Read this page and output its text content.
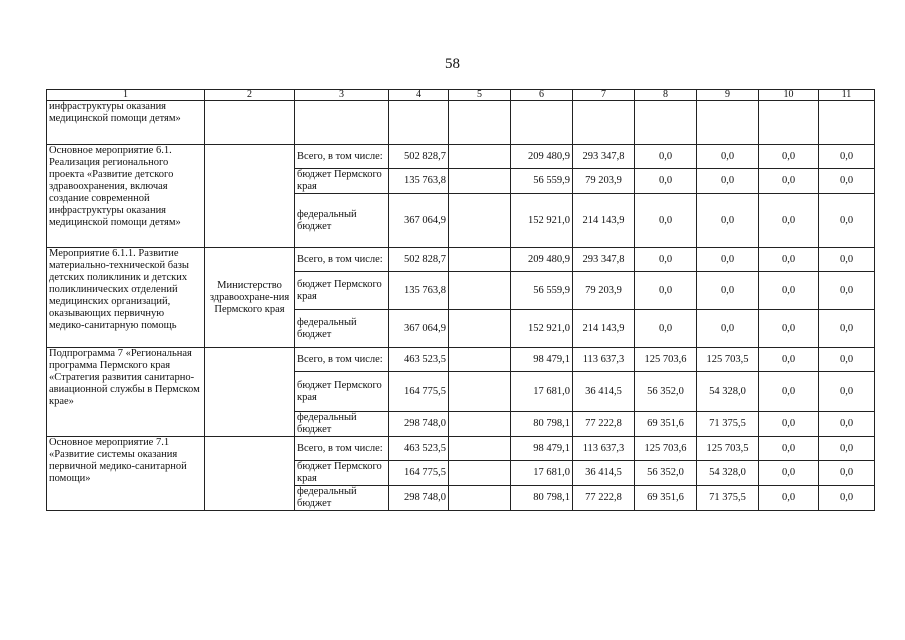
58
1	2	3	4	5	6	7	8	9	10	11
инфраструктуры оказания медицинской помощи детям»										
Основное мероприятие 6.1. Реализация регионального проекта «Развитие детского здравоохранения, включая создание современной инфраструктуры оказания медицинской помощи детям»		Всего, в том числе:	502 828,7		209 480,9	293 347,8	0,0	0,0	0,0	0,0
		бюджет Пермского края	135 763,8		56 559,9	79 203,9	0,0	0,0	0,0	0,0
		федеральный бюджет	367 064,9		152 921,0	214 143,9	0,0	0,0	0,0	0,0
Мероприятие 6.1.1. Развитие материально-технической базы детских поликлиник и детских поликлинических отделений медицинских организаций, оказывающих первичную медико-санитарную помощь	Министерство здравоохране-ния Пермского края	Всего, в том числе:	502 828,7		209 480,9	293 347,8	0,0	0,0	0,0	0,0
		бюджет Пермского края	135 763,8		56 559,9	79 203,9	0,0	0,0	0,0	0,0
		федеральный бюджет	367 064,9		152 921,0	214 143,9	0,0	0,0	0,0	0,0
Подпрограмма 7 «Региональная программа Пермского края «Стратегия развития санитарно-авиационной службы в Пермском крае»		Всего, в том числе:	463 523,5		98 479,1	113 637,3	125 703,6	125 703,5	0,0	0,0
		бюджет Пермского края	164 775,5		17 681,0	36 414,5	56 352,0	54 328,0	0,0	0,0
		федеральный бюджет	298 748,0		80 798,1	77 222,8	69 351,6	71 375,5	0,0	0,0
Основное мероприятие 7.1 «Развитие системы оказания первичной медико-санитарной помощи»		Всего, в том числе:	463 523,5		98 479,1	113 637,3	125 703,6	125 703,5	0,0	0,0
		бюджет Пермского края	164 775,5		17 681,0	36 414,5	56 352,0	54 328,0	0,0	0,0
		федеральный бюджет	298 748,0		80 798,1	77 222,8	69 351,6	71 375,5	0,0	0,0
